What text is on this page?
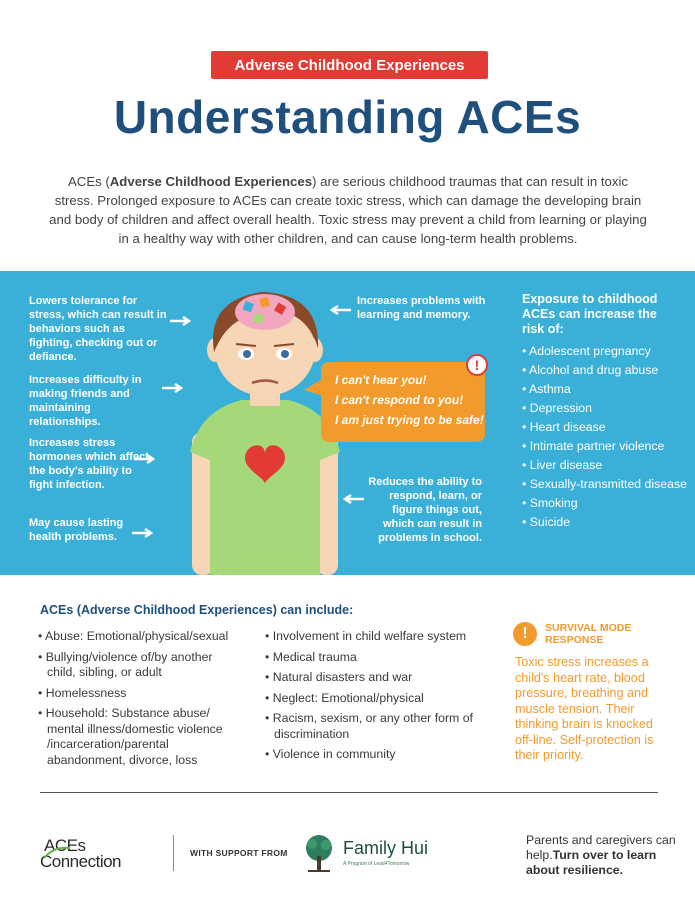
Adverse Childhood Experiences
Understanding ACEs

ACEs (Adverse Childhood Experiences) are serious childhood traumas that can result in toxic stress. Prolonged exposure to ACEs can create toxic stress, which can damage the developing brain and body of children and affect overall health. Toxic stress may prevent a child from learning or playing in a healthy way with other children, and can cause long-term health problems.

Lowers tolerance for stress, which can result in behaviors such as fighting, checking out or defiance.
Increases difficulty in making friends and maintaining relationships.
Increases stress hormones which affect the body's ability to fight infection.
May cause lasting health problems.
Increases problems with learning and memory.
Reduces the ability to respond, learn, or figure things out, which can result in problems in school.
I can't hear you!
I can't respond to you!
I am just trying to be safe!
!
Exposure to childhood ACEs can increase the risk of:
• Adolescent pregnancy
• Alcohol and drug abuse
• Asthma
• Depression
• Heart disease
• Intimate partner violence
• Liver disease
• Sexually-transmitted disease
• Smoking
• Suicide
ACEs (Adverse Childhood Experiences) can include:
• Abuse: Emotional/physical/sexual
• Bullying/violence of/by another child, sibling, or adult
• Homelessness
• Household: Substance abuse/ mental illness/domestic violence /incarceration/parental abandonment, divorce, loss
• Involvement in child welfare system
• Medical trauma
• Natural disasters and war
• Neglect: Emotional/physical
• Racism, sexism, or any other form of discrimination
• Violence in community
!	SURVIVAL MODE RESPONSE
Toxic stress increases a child's heart rate, blood pressure, breathing and muscle tension. Their thinking brain is knocked off-line. Self-protection is their priority.
ACEs
Connection	WITH SUPPORT FROM	Family Hui
A Program of Lead4Tomorrow
Parents and caregivers can help.Turn over to learn about resilience.
